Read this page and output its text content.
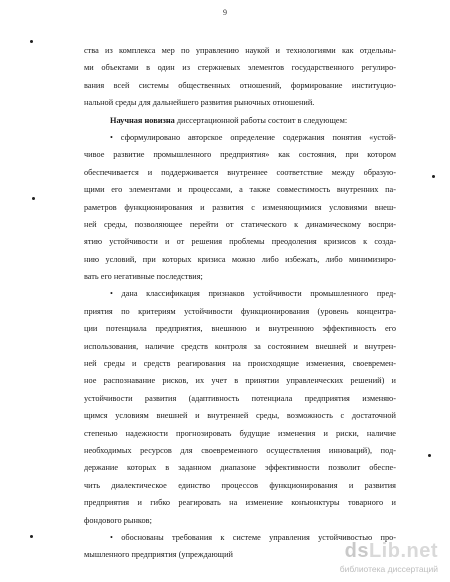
9
ства из комплекса мер по управлению наукой и технологиями как отдельны-
ми объектами в один из стержневых элементов государственного регулиро-
вания всей системы общественных отношений, формирование институцио-
нальной среды для дальнейшего развития рыночных отношений.
Научная новизна диссертационной работы состоит в следующем:
• сформулировано авторское определение содержания понятия «устой-
чивое развитие промышленного предприятия» как состояния, при котором
обеспечивается и поддерживается внутреннее соответствие между образую-
щими его элементами и процессами, а также совместимость внутренних па-
раметров функционирования и развития с изменяющимися условиями внеш-
ней среды, позволяющее перейти от статического к динамическому воспри-
ятию устойчивости и от решения проблемы преодоления кризисов к созда-
нию условий, при которых кризиса можно либо избежать, либо минимизиро-
вать его негативные последствия;
• дана классификация признаков устойчивости промышленного пред-
приятия по критериям устойчивости функционирования (уровень концентра-
ции потенциала предприятия, внешнюю и внутреннюю эффективность его
использования, наличие средств контроля за состоянием внешней и внутрен-
ней среды и средств реагирования на происходящие изменения, своевремен-
ное распознавание рисков, их учет в принятии управленческих решений) и
устойчивости развития (адаптивность потенциала предприятия изменяю-
щимся условиям внешней и внутренней среды, возможность с достаточной
степенью надежности прогнозировать будущие изменения и риски, наличие
необходимых ресурсов для своевременного осуществления инноваций), под-
держание которых в заданном диапазоне эффективности позволит обеспе-
чить диалектическое единство процессов функционирования и развития
предприятия и гибко реагировать на изменение конъюнктуры товарного и
фондового рынков;
• обоснованы требования к системе управления устойчивостью про-
мышленного предприятия (упреждающий	dsLib.net
библиотека диссертаций
